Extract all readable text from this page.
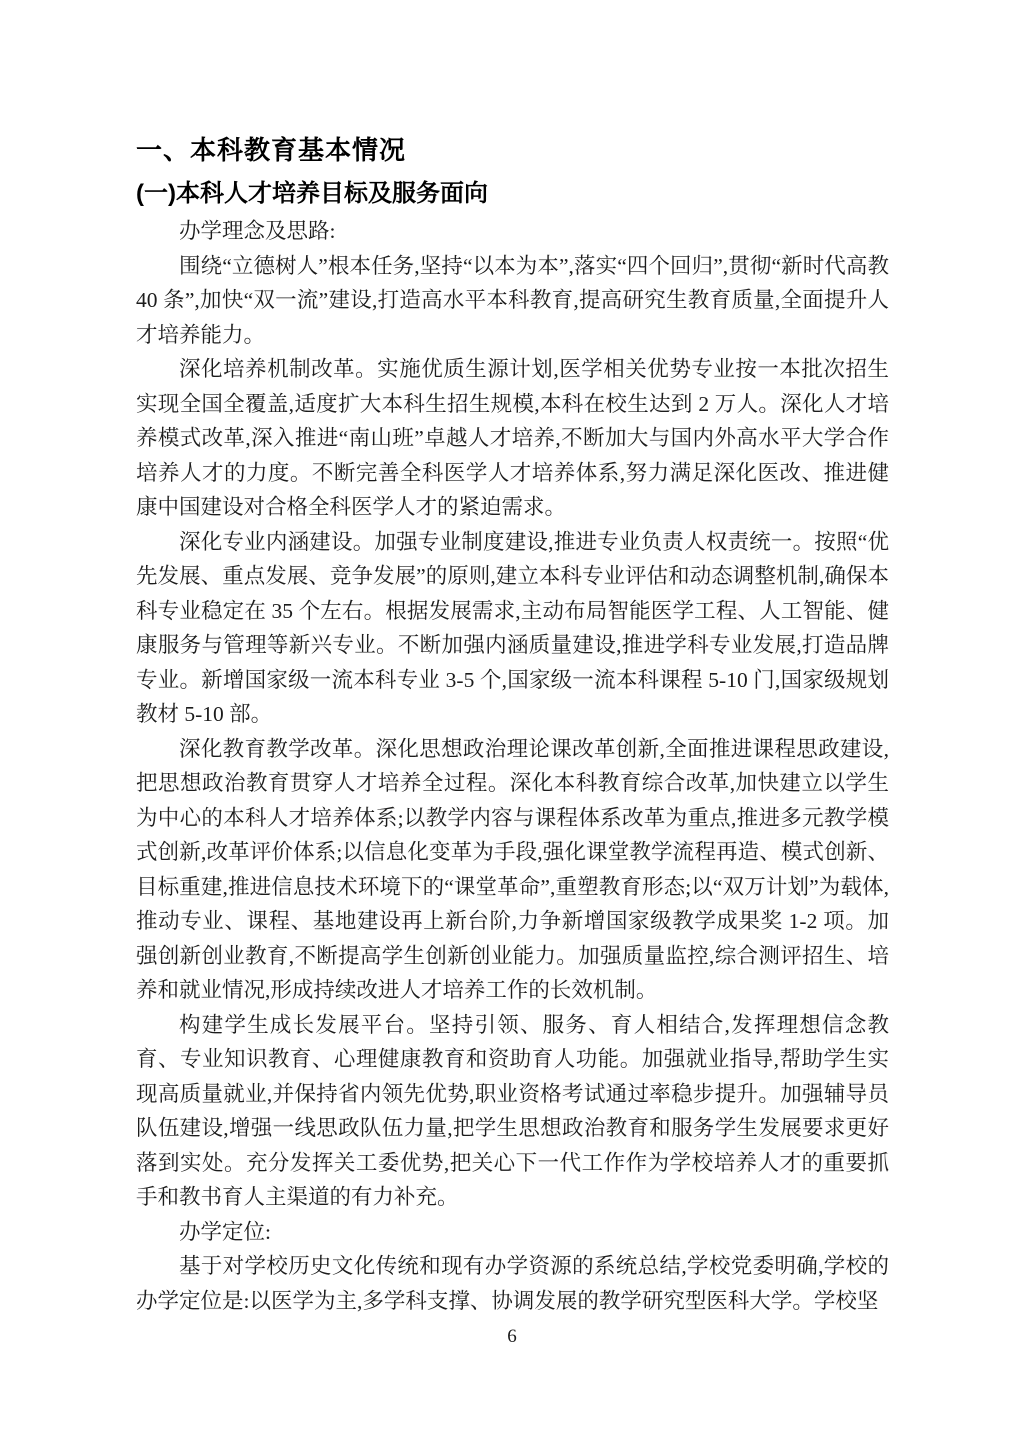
一、本科教育基本情况
(一)本科人才培养目标及服务面向

办学理念及思路:

围绕“立德树人”根本任务,坚持“以本为本”,落实“四个回归”,贯彻“新时代高教 40 条”,加快“双一流”建设,打造高水平本科教育,提高研究生教育质量,全面提升人才培养能力。

深化培养机制改革。实施优质生源计划,医学相关优势专业按一本批次招生实现全国全覆盖,适度扩大本科生招生规模,本科在校生达到 2 万人。深化人才培养模式改革,深入推进“南山班”卓越人才培养,不断加大与国内外高水平大学合作培养人才的力度。不断完善全科医学人才培养体系,努力满足深化医改、推进健康中国建设对合格全科医学人才的紧迫需求。

深化专业内涵建设。加强专业制度建设,推进专业负责人权责统一。按照“优先发展、重点发展、竞争发展”的原则,建立本科专业评估和动态调整机制,确保本科专业稳定在 35 个左右。根据发展需求,主动布局智能医学工程、人工智能、健康服务与管理等新兴专业。不断加强内涵质量建设,推进学科专业发展,打造品牌专业。新增国家级一流本科专业 3-5 个,国家级一流本科课程 5-10 门,国家级规划教材 5-10 部。

深化教育教学改革。深化思想政治理论课改革创新,全面推进课程思政建设,把思想政治教育贯穿人才培养全过程。深化本科教育综合改革,加快建立以学生为中心的本科人才培养体系;以教学内容与课程体系改革为重点,推进多元教学模式创新,改革评价体系;以信息化变革为手段,强化课堂教学流程再造、模式创新、目标重建,推进信息技术环境下的“课堂革命”,重塑教育形态;以“双万计划”为载体,推动专业、课程、基地建设再上新台阶,力争新增国家级教学成果奖 1-2 项。加强创新创业教育,不断提高学生创新创业能力。加强质量监控,综合测评招生、培养和就业情况,形成持续改进人才培养工作的长效机制。

构建学生成长发展平台。坚持引领、服务、育人相结合,发挥理想信念教育、专业知识教育、心理健康教育和资助育人功能。加强就业指导,帮助学生实现高质量就业,并保持省内领先优势,职业资格考试通过率稳步提升。加强辅导员队伍建设,增强一线思政队伍力量,把学生思想政治教育和服务学生发展要求更好落到实处。充分发挥关工委优势,把关心下一代工作作为学校培养人才的重要抓手和教书育人主渠道的有力补充。

办学定位:

基于对学校历史文化传统和现有办学资源的系统总结,学校党委明确,学校的办学定位是:以医学为主,多学科支撑、协调发展的教学研究型医科大学。学校坚

6
